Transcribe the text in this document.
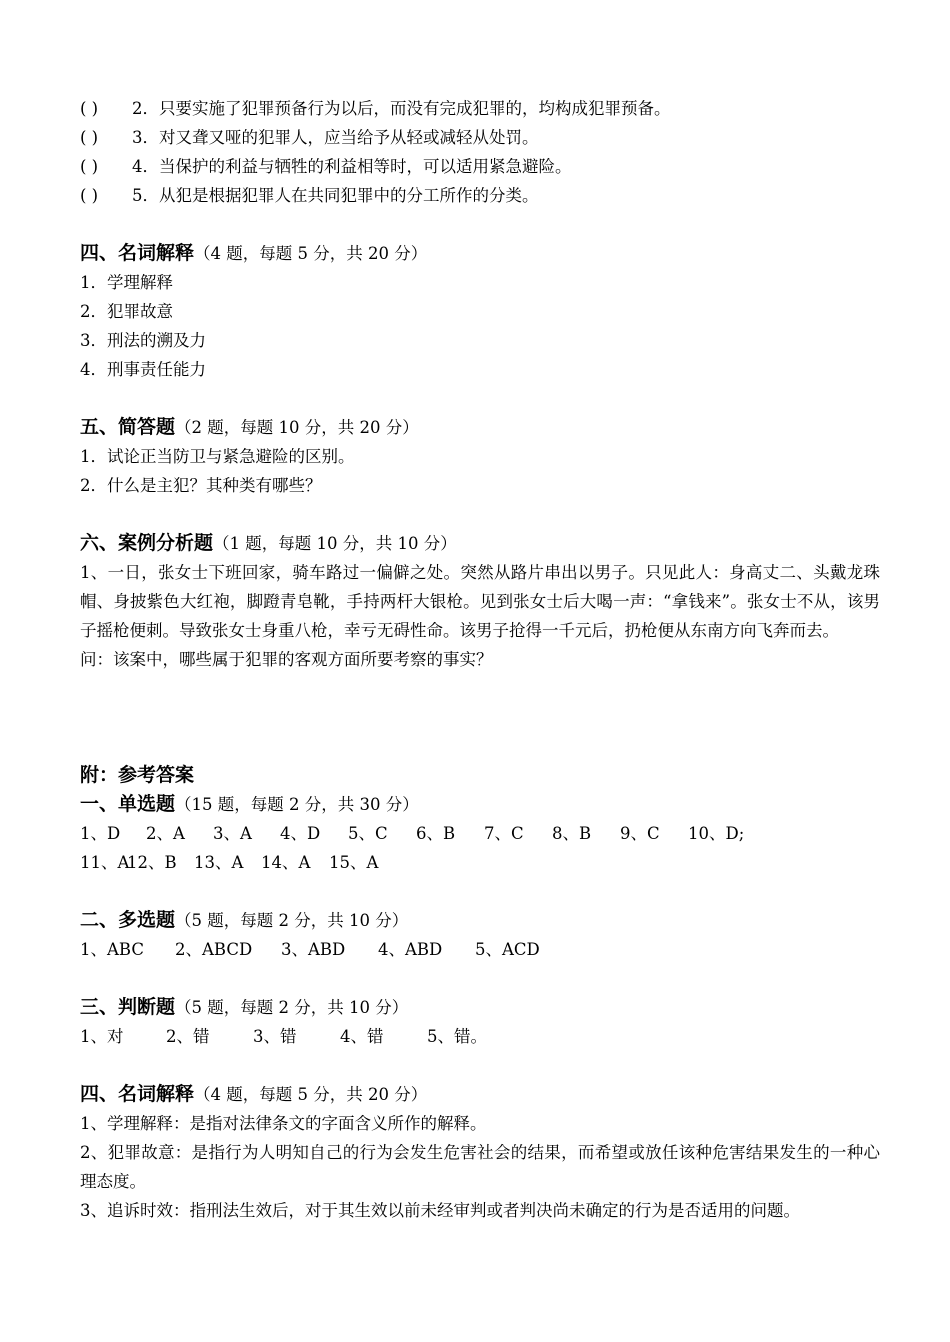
( ) 2．只要实施了犯罪预备行为以后，而没有完成犯罪的，均构成犯罪预备。
( ) 3．对又聋又哑的犯罪人，应当给予从轻或减轻从处罚。
( ) 4．当保护的利益与牺牲的利益相等时，可以适用紧急避险。
( ) 5．从犯是根据犯罪人在共同犯罪中的分工所作的分类。
四、名词解释（4 题，每题 5 分，共 20 分）
1．学理解释
2．犯罪故意
3．刑法的溯及力
4．刑事责任能力
五、简答题（2 题，每题 10 分，共 20 分）
1．试论正当防卫与紧急避险的区别。
2．什么是主犯？其种类有哪些？
六、案例分析题（1 题，每题 10 分，共 10 分）
1、一日，张女士下班回家，骑车路过一偏僻之处。突然从路片串出以男子。只见此人：身高丈二、头戴龙珠帽、身披紫色大红袍，脚蹬青皂靴，手持两杆大银枪。见到张女士后大喝一声：“拿钱来”。张女士不从，该男子摇枪便刺。导致张女士身重八枪，幸亏无碍性命。该男子抢得一千元后，扔枪便从东南方向飞奔而去。
问：该案中，哪些属于犯罪的客观方面所要考察的事实？
附：参考答案
一、单选题（15 题，每题 2 分，共 30 分）
1、D 2、A 3、A 4、D 5、C 6、B 7、C 8、B 9、C 10、D;
11、A12、B 13、A 14、A 15、A
二、多选题（5 题，每题 2 分，共 10 分）
1、ABC 2、ABCD 3、ABD 4、ABD 5、ACD
三、判断题（5 题，每题 2 分，共 10 分）
1、对	2、错	3、错	4、错	5、错。
四、名词解释（4 题，每题 5 分，共 20 分）
1、学理解释：是指对法律条文的字面含义所作的解释。
2、犯罪故意：是指行为人明知自己的行为会发生危害社会的结果，而希望或放任该种危害结果发生的一种心理态度。
3、追诉时效：指刑法生效后，对于其生效以前未经审判或者判决尚未确定的行为是否适用的问题。
